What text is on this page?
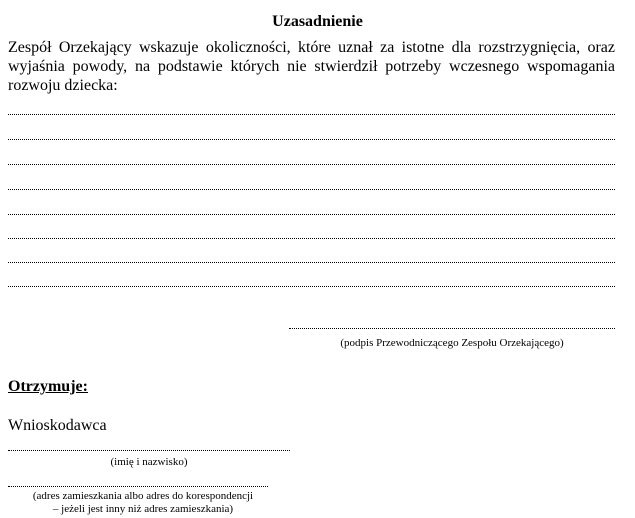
Uzasadnienie
Zespół Orzekający wskazuje okoliczności, które uznał za istotne dla rozstrzygnięcia, oraz wyjaśnia powody, na podstawie których nie stwierdził potrzeby wczesnego wspomagania rozwoju dziecka:
(podpis Przewodniczącego Zespołu Orzekającego)
Otrzymuje:
Wnioskodawca
(imię i nazwisko)
(adres zamieszkania albo adres do korespondencji
– jeżeli jest inny niż adres zamieszkania)
